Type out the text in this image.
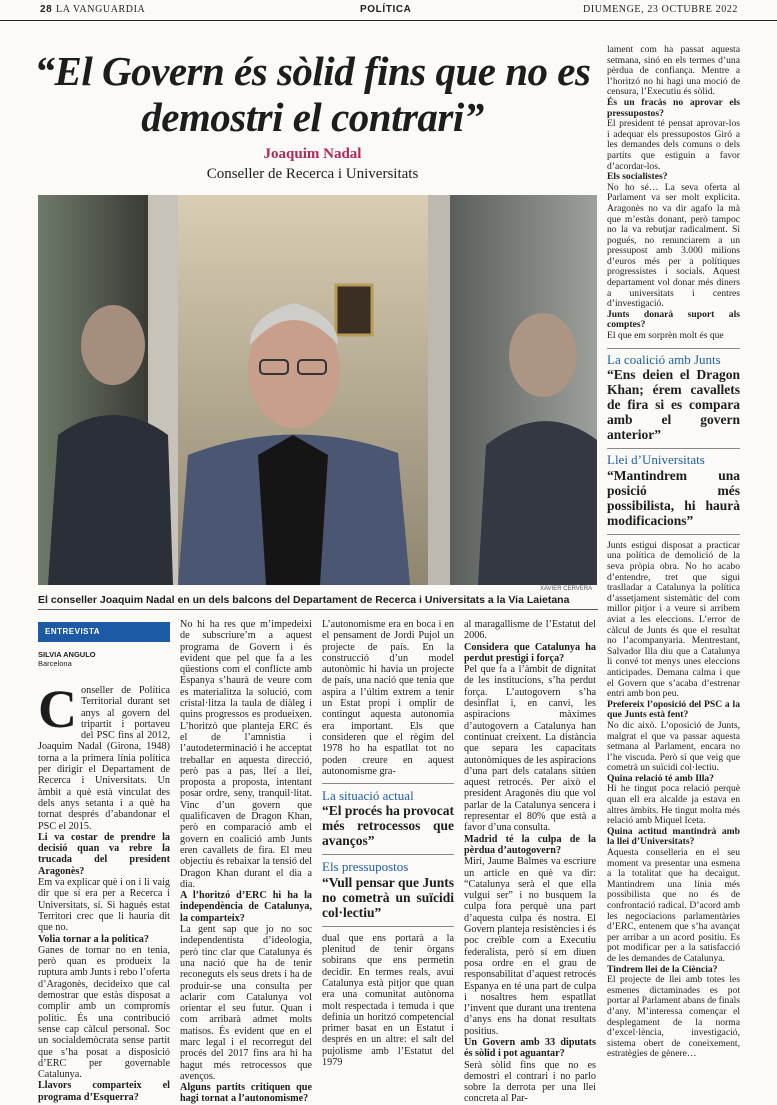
28 LA VANGUARDIA	POLÍTICA	DIUMENGE, 23 OCTUBRE 2022
“El Govern és sòlid fins que no es demostri el contrari”
Joaquim Nadal
Conseller de Recerca i Universitats
XAVIER CERVERA
El conseller Joaquim Nadal en un dels balcons del Departament de Recerca i Universitats a la Via Laietana
ENTREVISTA
SILVIA ANGULO
Barcelona

Conseller de Política Territorial durant set anys al govern del tripartit i portaveu del PSC fins al 2012, Joaquim Nadal (Girona, 1948) torna a la primera línia política per dirigir el Departament de Recerca i Universitats. Un àmbit a què està vinculat des dels anys setanta i a què ha tornat després d’abandonar el PSC el 2015.

Li va costar de prendre la decisió quan va rebre la trucada del president Aragonès?

Em va explicar què i on i li vaig dir que sí era per a Recerca i Universitats, sí. Si hagués estat Territori crec que li hauria dit que no.

Volia tornar a la política?

Ganes de tornar no en tenia, però quan es produeix la ruptura amb Junts i rebo l’oferta d’Aragonès, decideixo que cal demostrar que estàs disposat a complir amb un compromís polític. És una contribució sense cap càlcul personal. Soc un socialdemòcrata sense partit que s’ha posat a disposició d’ERC per governable Catalunya.

Llavors comparteix el programa d’Esquerra?

No hi ha res que m’impedeixi de subscriure’m a aquest programa de Govern i és evident que pel que fa a les qüestions com el conflicte amb Espanya s’haurà de veure com es materialitza la solució, com cristal·litza la taula de diàleg i quins progressos es produeixen. L’horitzó que planteja ERC és el de l’amnistia i l’autodeterminació i he acceptat treballar en aquesta direcció, però pas a pas, lleí a lleí, proposta a proposta, intentant posar ordre, seny, tranquil·litat. Vinc d’un govern que qualificaven de Dragon Khan, però en comparació amb el govern en coalició amb Junts eren cavallets de fira. El meu objectiu és rebaixar la tensió del Dragon Khan durant el dia a dia.

A l’horitzó d’ERC hi ha la independència de Catalunya, la comparteix?

La gent sap que jo no soc independentista d’ideologia, però tinc clar que Catalunya és una nació que ha de tenir reconeguts els seus drets i ha de produir-se una consulta per aclarir com Catalunya vol orientar el seu futur. Quan i com arribarà admet molts matisos. És evident que en el marc legal i el recorregut del procés del 2017 fins ara hi ha hagut més retrocessos que avenços.

Alguns partits critiquen que hagi tornat a l’autonomisme?

L’autonomisme era en boca i en el pensament de Jordi Pujol un projecte de país. En la construcció d’un model autonòmic hi havia un projecte de país, una nació que tenia que aspira a l’últim extrem a tenir un Estat propi i omplir de contingut aquesta autonomia era important. Els que consideren que el règim del 1978 ho ha espatllat tot no poden creure en aquest autonomisme gra-

La situació actual
“El procés ha provocat més retrocessos que avanços”
Els pressupostos
“Vull pensar que Junts no cometrà un suïcidi col·lectiu”

dual que ens portarà a la plenitud de tenir òrgans sobirans que ens permetin decidir. En termes reals, avui Catalunya està pitjor que quan era una comunitat autònoma molt respectada i temuda i que definia un horitzó competencial primer basat en un Estatut i després en un altre: el salt del pujolisme amb l’Estatut del 1979

al maragallisme de l’Estatut del 2006.

Considera que Catalunya ha perdut prestigi i força?

Pel que fa a l’àmbit de dignitat de les institucions, s’ha perdut força. L’autogovern s’ha desinflat i, en canvi, les aspiracions màximes d’autogovern a Catalunya han continuat creixent. La distància que separa les capacitats autonòmiques de les aspiracions d’una part dels catalans sitúen aquest retrocés. Per això el president Aragonès diu que vol parlar de la Catalunya sencera i representar el 80% que està a favor d’una consulta.

Madrid té la culpa de la pèrdua d’autogovern?

Miri, Jaume Balmes va escriure un article en què va dir: “Catalunya serà el que ella vulgui ser” i no busquem la culpa fora perquè una part d’aquesta culpa és nostra. El Govern planteja resistències i és poc creïble com a Executiu federalista, però sí em diuen posa ordre en el grau de responsabilitat d’aquest retrocés Espanya en té una part de culpa i nosaltres hem espatllat l’invent que durant una trentena d’anys ens ha donat resultats positius.

Un Govern amb 33 diputats és sòlid i pot aguantar?

Serà sòlid fins que no es demostri el contrari i no parlo sobre la derrota per una llei concreta al Par-

lament com ha passat aquesta setmana, sinó en els termes d’una pèrdua de confiança. Mentre a l’horitzó no hi hagi una moció de censura, l’Executiu és sòlid.

És un fracàs no aprovar els pressupostos?

El president té pensat aprovar-los i adequar els pressupostos Giró a les demandes dels comuns o dels partits que estiguin a favor d’acordar-los.

Els socialistes?

No ho sé… La seva oferta al Parlament va ser molt explícita. Aragonès no va dir agafo la mà que m’estàs donant, però tampoc no la va rebutjar radicalment. Si pogués, no renunciarem a un pressupost amb 3.000 milions d’euros més per a polítiques progressistes i socials. Aquest departament vol donar més diners a universitats i centres d’investigació.

Junts donarà suport als comptes?

El que em sorprèn molt és que

La coalició amb Junts
“Ens deien el Dragon Khan; érem cavallets de fira si es compara amb el govern anterior”
Llei d’Universitats
“Mantindrem una posició més possibilista, hi haurà modificacions”

Junts estigui disposat a practicar una política de demolició de la seva pròpia obra. No ho acabo d’entendre, tret que sigui traslladar a Catalunya la política d’assetjament sistemàtic del com millor pitjor i a veure si arribem aviat a les eleccions. L’error de càlcul de Junts és que el resultat no l’acompanyaria. Mentrestant, Salvador Illa diu que a Catalunya li convé tot menys unes eleccions anticipades. Demana calma i que el Govern que s’acaba d’estrenar entri amb bon peu.

Prefereix l’oposició del PSC a la que Junts està fent?

No dic això. L’oposició de Junts, malgrat el que va passar aquesta setmana al Parlament, encara no l’he viscuda. Però sí que veig que cometrà un suïcidi col·lectiu.

Quina relació té amb Illa?

Hi he tingut poca relació perquè quan ell era alcalde ja estava en altres àmbits. He tingut molta més relació amb Miquel Iceta.

Quina actitud mantindrà amb la llei d’Universitats?

Aquesta conselleria en el seu moment va presentar una esmena a la totalitat que ha decaigut. Mantindrem una línia més possibilista que no és de confrontació radical. D’acord amb les negociacions parlamentàries d’ERC, entenem que s’ha avançat per arribar a un acord positiu. Es pot modificar per a la satisfacció de les demandes de Catalunya.

Tindrem llei de la Ciència?

El projecte de llei amb totes les esmenes dictaminades es pot portar al Parlament abans de finals d’any. M’interessa començar el desplegament de la norma d’excel·lència, investigació, sistema obert de coneixement, estratègies de gènere…
